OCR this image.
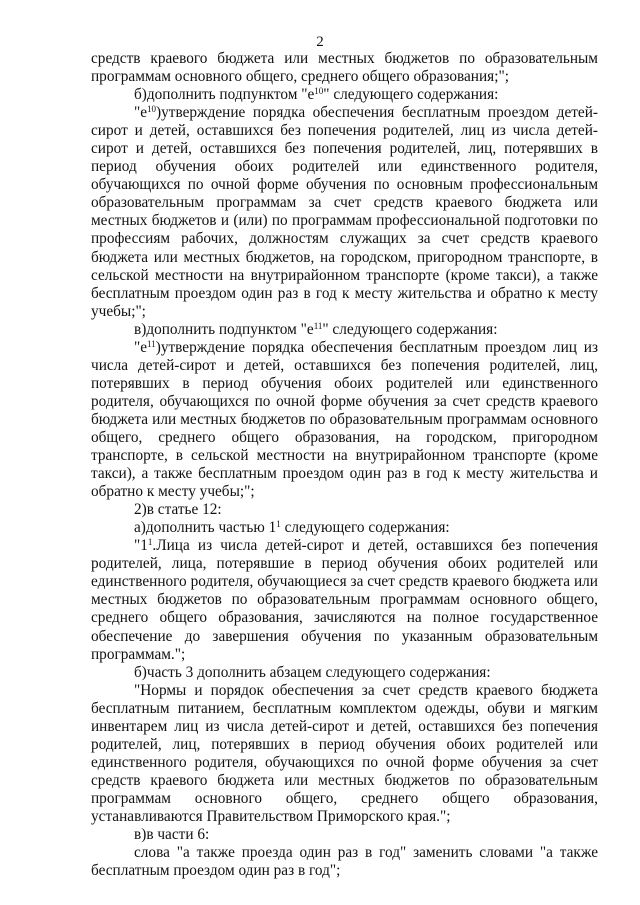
2

средств краевого бюджета или местных бюджетов по образовательным программам основного общего, среднего общего образования;";

б)дополнить подпунктом "$е^{10}$" следующего содержания:

"$е^{10})утверждение$ порядка обеспечения бесплатным проездом детей-сирот и детей, оставшихся без попечения родителей, лиц из числа детей-сирот и детей, оставшихся без попечения родителей, лиц, потерявших в период обучения обоих родителей или единственного родителя, обучающихся по очной форме обучения по основным профессиональным образовательным программам за счет средств краевого бюджета или местных бюджетов и (или) по программам профессиональной подготовки по профессиям рабочих, должностям служащих за счет средств краевого бюджета или местных бюджетов, на городском, пригородном транспорте, в сельской местности на внутрирайонном транспорте (кроме такси), а также бесплатным проездом один раз в год к месту жительства и обратно к месту учебы;";

в)дополнить подпунктом "$е^{11}$" следующего содержания:

"$е^{11})утверждение$ порядка обеспечения бесплатным проездом лиц из числа детей-сирот и детей, оставшихся без попечения родителей, лиц, потерявших в период обучения обоих родителей или единственного родителя, обучающихся по очной форме обучения за счет средств краевого бюджета или местных бюджетов по образовательным программам основного общего, среднего общего образования, на городском, пригородном транспорте, в сельской местности на внутрирайонном транспорте (кроме такси), а также бесплатным проездом один раз в год к месту жительства и обратно к месту учебы;";

2)в статье 12:

а)дополнить частью $1^1$ следующего содержания:

"$1^1.Лица$ из числа детей-сирот и детей, оставшихся без попечения родителей, лица, потерявшие в период обучения обоих родителей или единственного родителя, обучающиеся за счет средств краевого бюджета или местных бюджетов по образовательным программам основного общего, среднего общего образования, зачисляются на полное государственное обеспечение до завершения обучения по указанным образовательным программам.";

б)часть 3 дополнить абзацем следующего содержания:

"Нормы и порядок обеспечения за счет средств краевого бюджета бесплатным питанием, бесплатным комплектом одежды, обуви и мягким инвентарем лиц из числа детей-сирот и детей, оставшихся без попечения родителей, лиц, потерявших в период обучения обоих родителей или единственного родителя, обучающихся по очной форме обучения за счет средств краевого бюджета или местных бюджетов по образовательным программам основного общего, среднего общего образования, устанавливаются Правительством Приморского края.";

в)в части 6:

слова "а также проезда один раз в год" заменить словами "а также бесплатным проездом один раз в год";
